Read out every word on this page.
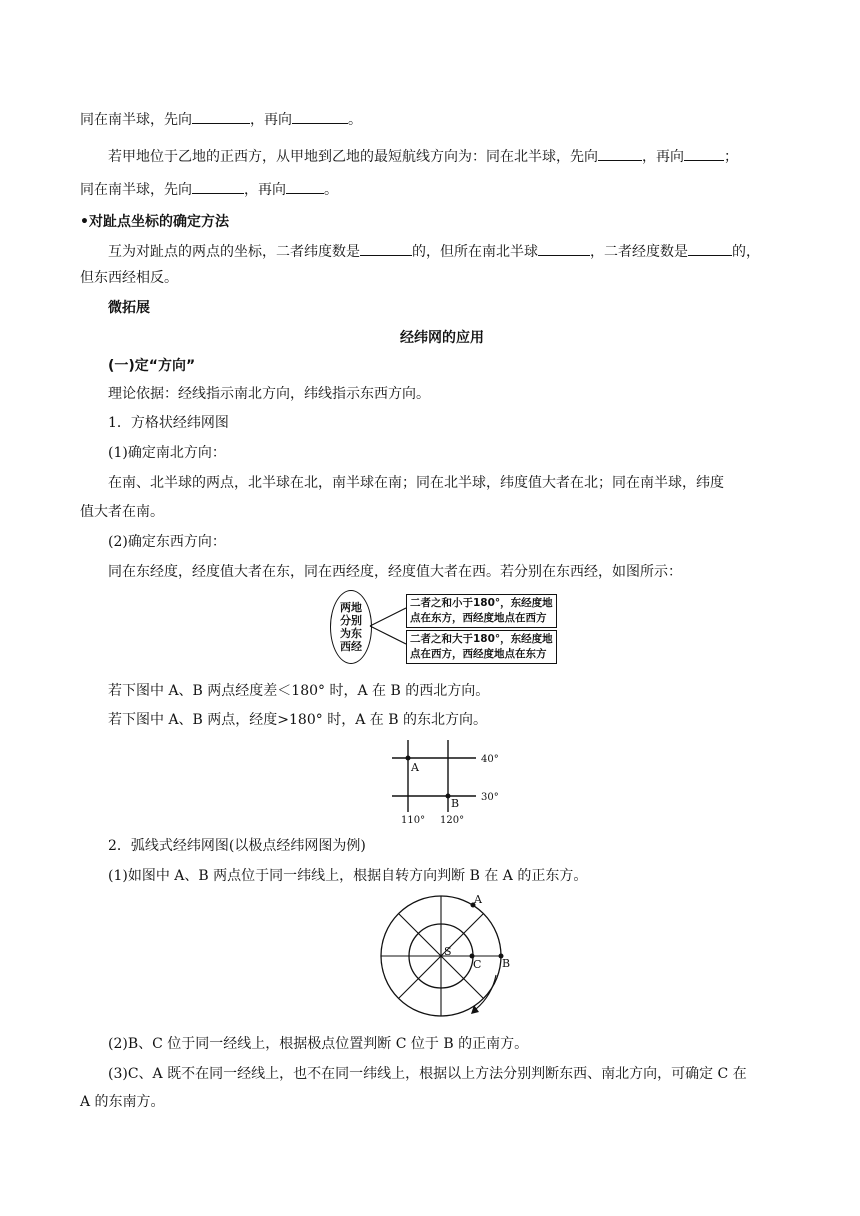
同在南半球，先向	，再向	。
若甲地位于乙地的正西方，从甲地到乙地的最短航线方向为：同在北半球，先向	，再向	；
同在南半球，先向	，再向	。
•对趾点坐标的确定方法
互为对趾点的两点的坐标，二者纬度数是	的，但所在南北半球	，二者经度数是	的，
但东西经相反。
微拓展
经纬网的应用
(一)定“方向”
理论依据：经线指示南北方向，纬线指示东西方向。
1．方格状经纬网图
(1)确定南北方向：
在南、北半球的两点，北半球在北，南半球在南；同在北半球，纬度值大者在北；同在南半球，纬度
值大者在南。
(2)确定东西方向：
同在东经度，经度值大者在东，同在西经度，经度值大者在西。若分别在东西经，如图所示：
两地
分别
为东
西经
二者之和小于180°，东经度地
点在东方，西经度地点在西方
二者之和大于180°，东经度地
点在西方，西经度地点在东方
若下图中 A、B 两点经度差＜180° 时，A 在 B 的西北方向。
若下图中 A、B 两点，经度>180° 时，A 在 B 的东北方向。
A
B
40°
30°
110° 120°
2．弧线式经纬网图(以极点经纬网图为例)
(1)如图中 A、B 两点位于同一纬线上，根据自转方向判断 B 在 A 的正东方。
A
B
C
S
(2)B、C 位于同一经线上，根据极点位置判断 C 位于 B 的正南方。
(3)C、A 既不在同一经线上，也不在同一纬线上，根据以上方法分别判断东西、南北方向，可确定 C 在
A 的东南方。
